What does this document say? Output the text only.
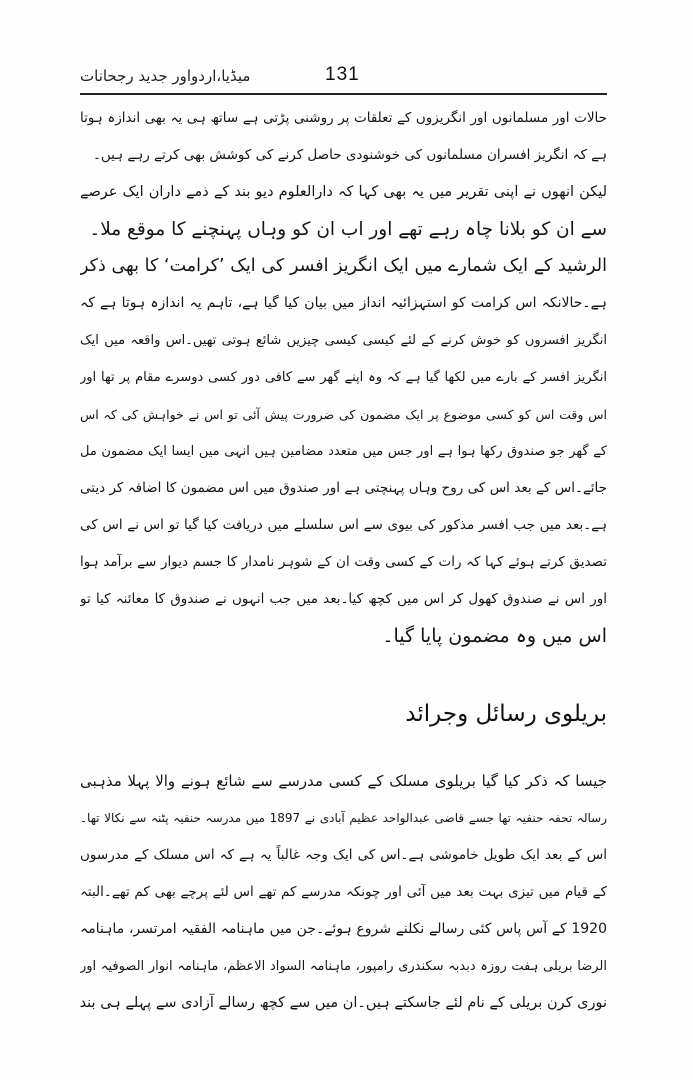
میڈیا،اردواور جدید رجحانات	131
حالات اور مسلمانوں اور انگریزوں کے تعلقات پر روشنی پڑتی ہے ساتھ ہی یہ بھی اندازہ ہوتا
ہے کہ انگریز افسران مسلمانوں کی خوشنودی حاصل کرنے کی کوشش بھی کرتے رہے ہیں۔
لیکن انھوں نے اپنی تقریر میں یہ بھی کہا کہ دارالعلوم دیو بند کے ذمے داران ایک عرصے
سے ان کو بلانا چاہ رہے تھے اور اب ان کو وہاں پہنچنے کا موقع ملا۔
الرشید کے ایک شمارے میں ایک انگریز افسر کی ایک ’کرامت‘ کا بھی ذکر
ہے۔حالانکہ اس کرامت کو استہزائیہ انداز میں بیان کیا گیا ہے، تاہم یہ اندازہ ہوتا ہے کہ
انگریز افسروں کو خوش کرنے کے لئے کیسی کیسی چیزیں شائع ہوتی تھیں۔اس واقعہ میں ایک
انگریز افسر کے بارے میں لکھا گیا ہے کہ وہ اپنے گھر سے کافی دور کسی دوسرے مقام پر تھا اور
اس وقت اس کو کسی موضوع پر ایک مضمون کی ضرورت پیش آئی تو اس نے خواہش کی کہ اس
کے گھر جو صندوق رکھا ہوا ہے اور جس میں متعدد مضامین ہیں انہی میں ایسا ایک مضمون مل
جائے۔اس کے بعد اس کی روح وہاں پہنچتی ہے اور صندوق میں اس مضمون کا اضافہ کر دیتی
ہے۔بعد میں جب افسر مذکور کی بیوی سے اس سلسلے میں دریافت کیا گیا تو اس نے اس کی
تصدیق کرتے ہوئے کہا کہ رات کے کسی وقت ان کے شوہر نامدار کا جسم دیوار سے برآمد ہوا
اور اس نے صندوق کھول کر اس میں کچھ کیا۔بعد میں جب انہوں نے صندوق کا معائنہ کیا تو
اس میں وہ مضمون پایا گیا۔
بریلوی رسائل وجرائد
جیسا کہ ذکر کیا گیا بریلوی مسلک کے کسی مدرسے سے شائع ہونے والا پہلا مذہبی
رسالہ تحفہ حنفیہ تھا جسے قاضی عبدالواحد عظیم آبادی نے 1897 میں مدرسہ حنفیہ پٹنہ سے نکالا تھا۔
اس کے بعد ایک طویل خاموشی ہے۔اس کی ایک وجہ غالباً یہ ہے کہ اس مسلک کے مدرسوں
کے قیام میں تیزی بہت بعد میں آئی اور چونکہ مدرسے کم تھے اس لئے پرچے بھی کم تھے۔البتہ
1920 کے آس پاس کئی رسالے نکلنے شروع ہوئے۔جن میں ماہنامہ الفقیہ امرتسر، ماہنامہ
الرضا بریلی ہفت روزہ دبدبہ سکندری رامپور، ماہنامہ السواد الاعظم، ماہنامہ انوار الصوفیہ اور
نوری کرن بریلی کے نام لئے جاسکتے ہیں۔ان میں سے کچھ رسالے آزادی سے پہلے ہی بند
